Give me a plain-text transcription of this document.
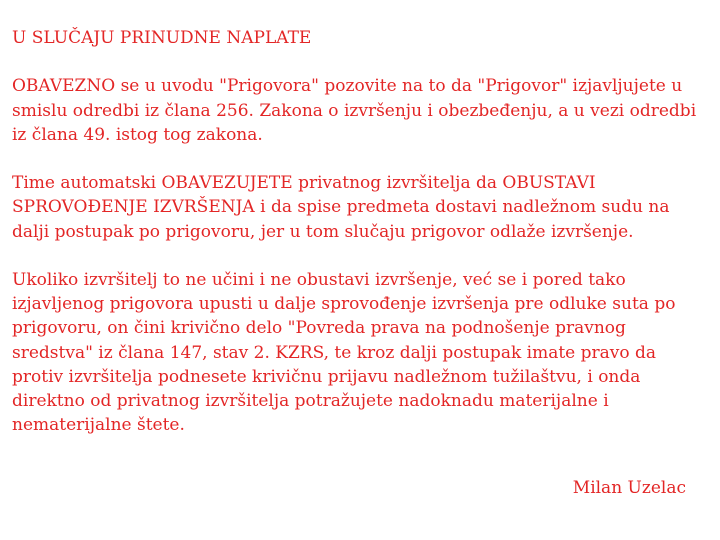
U SLUČAJU PRINUDNE NAPLATE

OBAVEZNO se u uvodu "Prigovora" pozovite na to da "Prigovor" izjavljujete u smislu odredbi iz člana 256. Zakona o izvršenju i obezbeđenju, a u vezi odredbi iz člana 49. istog tog zakona.

Time automatski OBAVEZUJETE privatnog izvršitelja da OBUSTAVI SPROVOĐENJE IZVRŠENJA i da spise predmeta dostavi nadležnom sudu na dalji postupak po prigovoru, jer u tom slučaju prigovor odlaže izvršenje.

Ukoliko izvršitelj to ne učini i ne obustavi izvršenje, već se i pored tako izjavljenog prigovora upusti u dalje sprovođenje izvršenja pre odluke suta po prigovoru, on čini krivično delo "Povreda prava na podnošenje pravnog sredstva" iz člana 147, stav 2. KZRS, te kroz dalji postupak imate pravo da protiv izvršitelja podnesete krivičnu prijavu nadležnom tužilaštvu, i onda direktno od privatnog izvršitelja potražujete nadoknadu materijalne i nematerijalne štete.

Milan Uzelac
